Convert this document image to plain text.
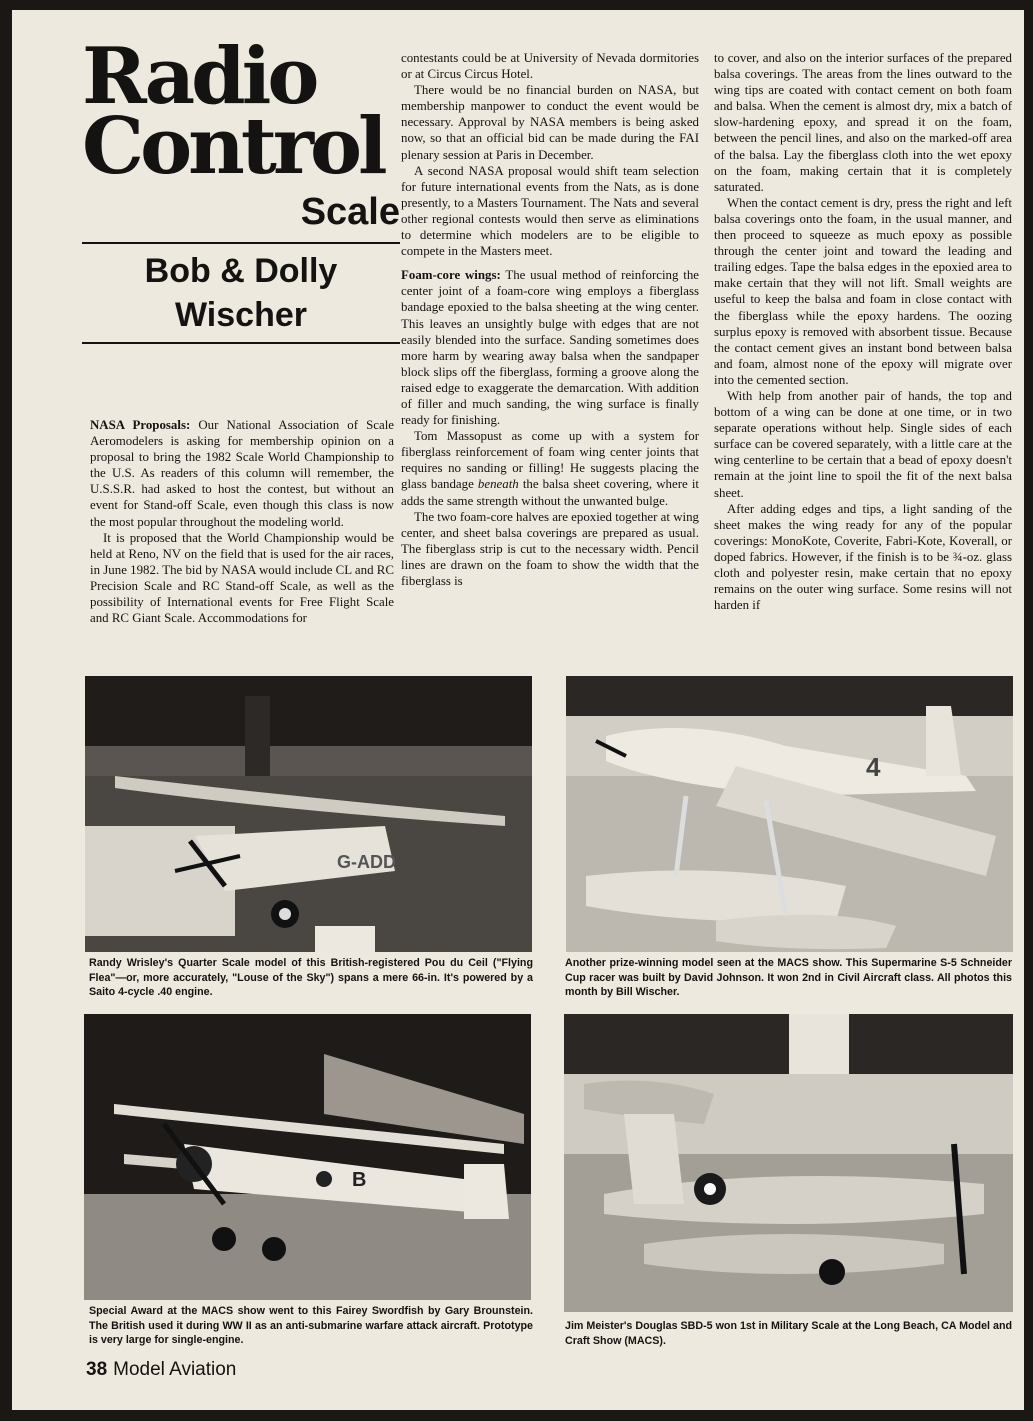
Radio
Control
Scale
Bob & Dolly
Wischer

NASA Proposals: Our National Association of Scale Aeromodelers is asking for membership opinion on a proposal to bring the 1982 Scale World Championship to the U.S. As readers of this column will remember, the U.S.S.R. had asked to host the contest, but without an event for Stand-off Scale, even though this class is now the most popular throughout the modeling world.

It is proposed that the World Championship would be held at Reno, NV on the field that is used for the air races, in June 1982. The bid by NASA would include CL and RC Precision Scale and RC Stand-off Scale, as well as the possibility of International events for Free Flight Scale and RC Giant Scale. Accommodations for

contestants could be at University of Nevada dormitories or at Circus Circus Hotel.

There would be no financial burden on NASA, but membership manpower to conduct the event would be necessary. Approval by NASA members is being asked now, so that an official bid can be made during the FAI plenary session at Paris in December.

A second NASA proposal would shift team selection for future international events from the Nats, as is done presently, to a Masters Tournament. The Nats and several other regional contests would then serve as eliminations to determine which modelers are to be eligible to compete in the Masters meet.

Foam-core wings: The usual method of reinforcing the center joint of a foam-core wing employs a fiberglass bandage epoxied to the balsa sheeting at the wing center. This leaves an unsightly bulge with edges that are not easily blended into the surface. Sanding sometimes does more harm by wearing away balsa when the sandpaper block slips off the fiberglass, forming a groove along the raised edge to exaggerate the demarcation. With addition of filler and much sanding, the wing surface is finally ready for finishing.

Tom Massopust as come up with a system for fiberglass reinforcement of foam wing center joints that requires no sanding or filling! He suggests placing the glass bandage beneath the balsa sheet covering, where it adds the same strength without the unwanted bulge.

The two foam-core halves are epoxied together at wing center, and sheet balsa coverings are prepared as usual. The fiberglass strip is cut to the necessary width. Pencil lines are drawn on the foam to show the width that the fiberglass is

to cover, and also on the interior surfaces of the prepared balsa coverings. The areas from the lines outward to the wing tips are coated with contact cement on both foam and balsa. When the cement is almost dry, mix a batch of slow-hardening epoxy, and spread it on the foam, between the pencil lines, and also on the marked-off area of the balsa. Lay the fiberglass cloth into the wet epoxy on the foam, making certain that it is completely saturated.

When the contact cement is dry, press the right and left balsa coverings onto the foam, in the usual manner, and then proceed to squeeze as much epoxy as possible through the center joint and toward the leading and trailing edges. Tape the balsa edges in the epoxied area to make certain that they will not lift. Small weights are useful to keep the balsa and foam in close contact with the fiberglass while the epoxy hardens. The oozing surplus epoxy is removed with absorbent tissue. Because the contact cement gives an instant bond between balsa and foam, almost none of the epoxy will migrate over into the cemented section.

With help from another pair of hands, the top and bottom of a wing can be done at one time, or in two separate operations without help. Single sides of each surface can be covered separately, with a little care at the wing centerline to be certain that a bead of epoxy doesn't remain at the joint line to spoil the fit of the next balsa sheet.

After adding edges and tips, a light sanding of the sheet makes the wing ready for any of the popular coverings: MonoKote, Coverite, Fabri-Kote, Koverall, or doped fabrics. However, if the finish is to be ¾-oz. glass cloth and polyester resin, make certain that no epoxy remains on the outer wing surface. Some resins will not harden if

G-ADD
4
Randy Wrisley's Quarter Scale model of this British-registered Pou du Ceil ("Flying Flea"—or, more accurately, "Louse of the Sky") spans a mere 66-in. It's powered by a Saito 4-cycle .40 engine.
Another prize-winning model seen at the MACS show. This Supermarine S-5 Schneider Cup racer was built by David Johnson. It won 2nd in Civil Aircraft class. All photos this month by Bill Wischer.
B
Special Award at the MACS show went to this Fairey Swordfish by Gary Brounstein. The British used it during WW II as an anti-submarine warfare attack aircraft. Prototype is very large for single-engine.
Jim Meister's Douglas SBD-5 won 1st in Military Scale at the Long Beach, CA Model and Craft Show (MACS).
38 Model Aviation
